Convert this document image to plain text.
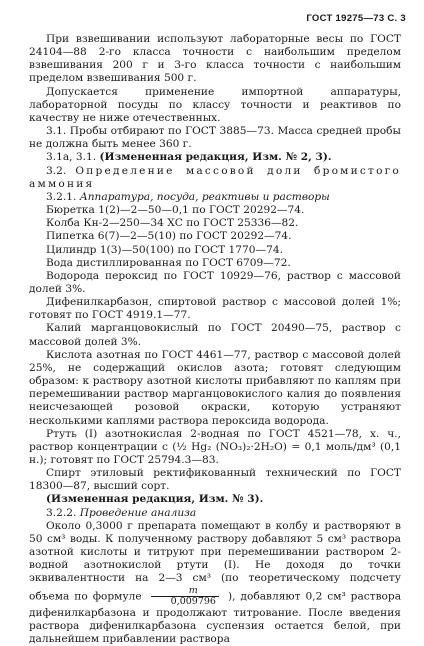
ГОСТ 19275—73 С. 3

При взвешивании используют лабораторные весы по ГОСТ 24104—88 2-го класса точности с наибольшим пределом взвешивания 200 г и 3-го класса точности с наибольшим пределом взвешивания 500 г.

Допускается применение импортной аппаратуры, лабораторной посуды по классу точности и реактивов по качеству не ниже отечественных.

3.1. Пробы отбирают по ГОСТ 3885—73. Масса средней пробы не должна быть менее 360 г.

3.1а, 3.1. (Измененная редакция, Изм. № 2, 3).

3.2. Определение массовой доли бромистого аммония

3.2.1. Аппаратура, посуда, реактивы и растворы

Бюретка 1(2)—2—50—0,1 по ГОСТ 20292—74.

Колба Кн-2—250—34 ХС по ГОСТ 25336—82.

Пипетка 6(7)—2—5(10) по ГОСТ 20292—74.

Цилиндр 1(3)—50(100) по ГОСТ 1770—74.

Вода дистиллированная по ГОСТ 6709—72.

Водорода пероксид по ГОСТ 10929—76, раствор с массовой долей 3%.

Дифенилкарбазон, спиртовой раствор с массовой долей 1%; готовят по ГОСТ 4919.1—77.

Калий марганцовокислый по ГОСТ 20490—75, раствор с массовой долей 3%.

Кислота азотная по ГОСТ 4461—77, раствор с массовой долей 25%, не содержащий окислов азота; готовят следующим образом: к раствору азотной кислоты прибавляют по каплям при перемешивании раствор марганцовокислого калия до появления неисчезающей розовой окраски, которую устраняют несколькими каплями раствора пероксида водорода.

Ртуть (I) азотнокислая 2-водная по ГОСТ 4521—78, х. ч., раствор концентрации с (½ Hg₂ (NO₃)₂·2H₂O) = 0,1 моль/дм³ (0,1 н.); готовят по ГОСТ 25794.3—83.

Спирт этиловый ректификованный технический по ГОСТ 18300—87, высший сорт.

(Измененная редакция, Изм. № 3).

3.2.2. Проведение анализа

Около 0,3000 г препарата помещают в колбу и растворяют в 50 см³ воды. К полученному раствору добавляют 5 см³ раствора азотной кислоты и титруют при перемешивании раствором 2-водной азотнокислой ртути (I). Не доходя до точки эквивалентности на 2—3 см³ (по теоретическому подсчету объема по формуле $\frac{m}{0,009796}$ ), добавляют 0,2 см³ раствора дифенилкарбазона и продолжают титрование. После введения раствора дифенилкарбазона суспензия остается белой, при дальнейшем прибавлении раствора
